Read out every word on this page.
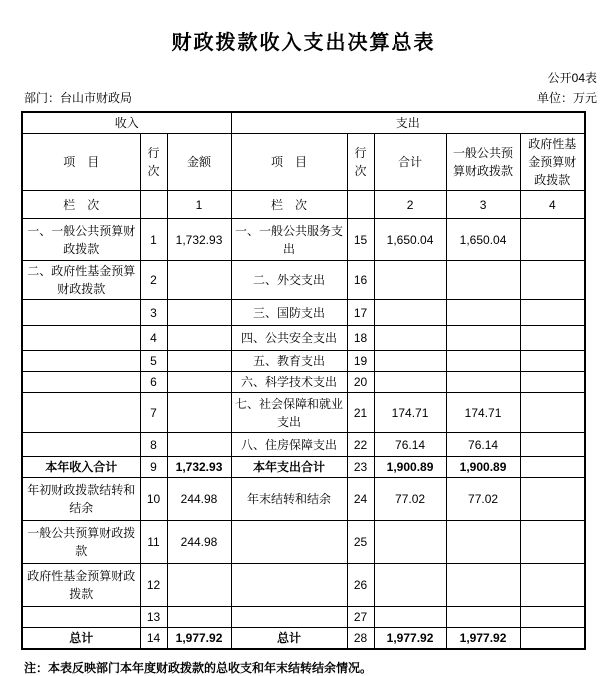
财政拨款收入支出决算总表
公开04表
部门：台山市财政局	单位：万元
收入			支出				
项　目	行次	金额	项　目	行次	合计	一般公共预算财政拨款	政府性基金预算财政拨款
栏　次		1	栏　次		2	3	4
一、一般公共预算财政拨款	1	1,732.93	一、一般公共服务支出	15	1,650.04	1,650.04	
二、政府性基金预算财政拨款	2		二、外交支出	16			
	3		三、国防支出	17			
	4		四、公共安全支出	18			
	5		五、教育支出	19			
	6		六、科学技术支出	20			
	7		七、社会保障和就业支出	21	174.71	174.71	
	8		八、住房保障支出	22	76.14	76.14	
本年收入合计	9	1,732.93	本年支出合计	23	1,900.89	1,900.89	
年初财政拨款结转和结余	10	244.98	年末结转和结余	24	77.02	77.02	
一般公共预算财政拨款	11	244.98		25			
政府性基金预算财政拨款	12			26			
	13			27			
总计	14	1,977.92	总计	28	1,977.92	1,977.92	
注：本表反映部门本年度财政拨款的总收支和年末结转结余情况。
